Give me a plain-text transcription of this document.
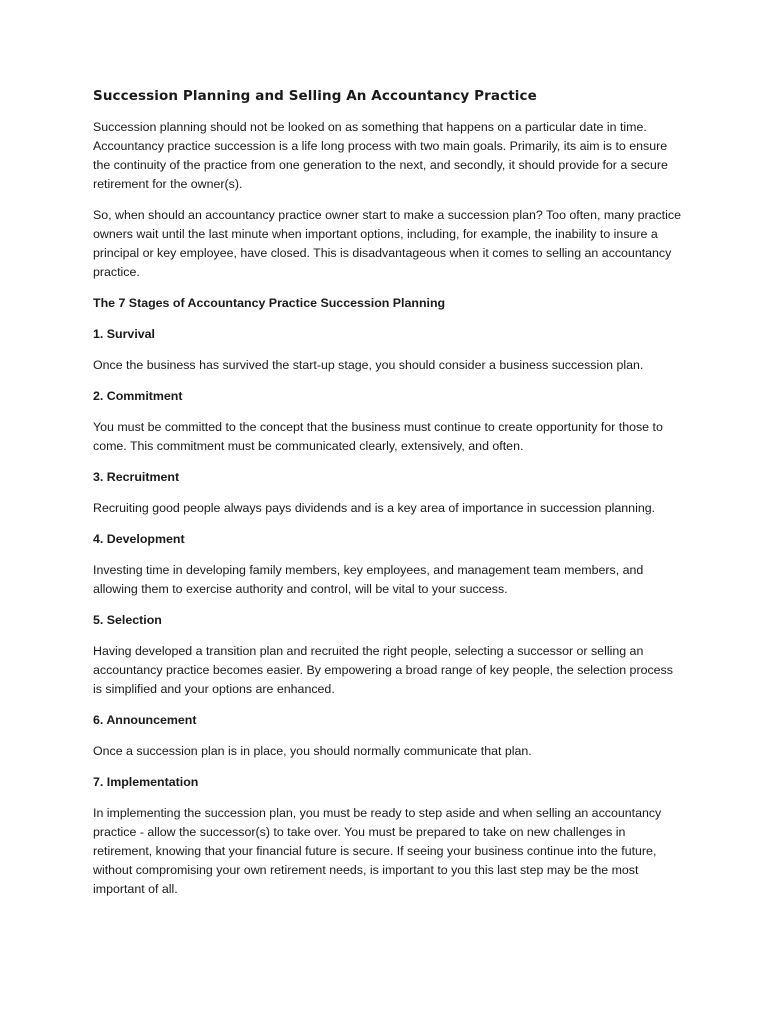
Succession Planning and Selling An Accountancy Practice

Succession planning should not be looked on as something that happens on a particular date in time. Accountancy practice succession is a life long process with two main goals. Primarily, its aim is to ensure the continuity of the practice from one generation to the next, and secondly, it should provide for a secure retirement for the owner(s).

So, when should an accountancy practice owner start to make a succession plan? Too often, many practice owners wait until the last minute when important options, including, for example, the inability to insure a principal or key employee, have closed. This is disadvantageous when it comes to selling an accountancy practice.

The 7 Stages of Accountancy Practice Succession Planning

1. Survival

Once the business has survived the start-up stage, you should consider a business succession plan.

2. Commitment

You must be committed to the concept that the business must continue to create opportunity for those to come. This commitment must be communicated clearly, extensively, and often.

3. Recruitment

Recruiting good people always pays dividends and is a key area of importance in succession planning.

4. Development

Investing time in developing family members, key employees, and management team members, and allowing them to exercise authority and control, will be vital to your success.

5. Selection

Having developed a transition plan and recruited the right people, selecting a successor or selling an accountancy practice becomes easier. By empowering a broad range of key people, the selection process is simplified and your options are enhanced.

6. Announcement

Once a succession plan is in place, you should normally communicate that plan.

7. Implementation

In implementing the succession plan, you must be ready to step aside and when selling an accountancy practice - allow the successor(s) to take over. You must be prepared to take on new challenges in retirement, knowing that your financial future is secure. If seeing your business continue into the future, without compromising your own retirement needs, is important to you this last step may be the most important of all.
